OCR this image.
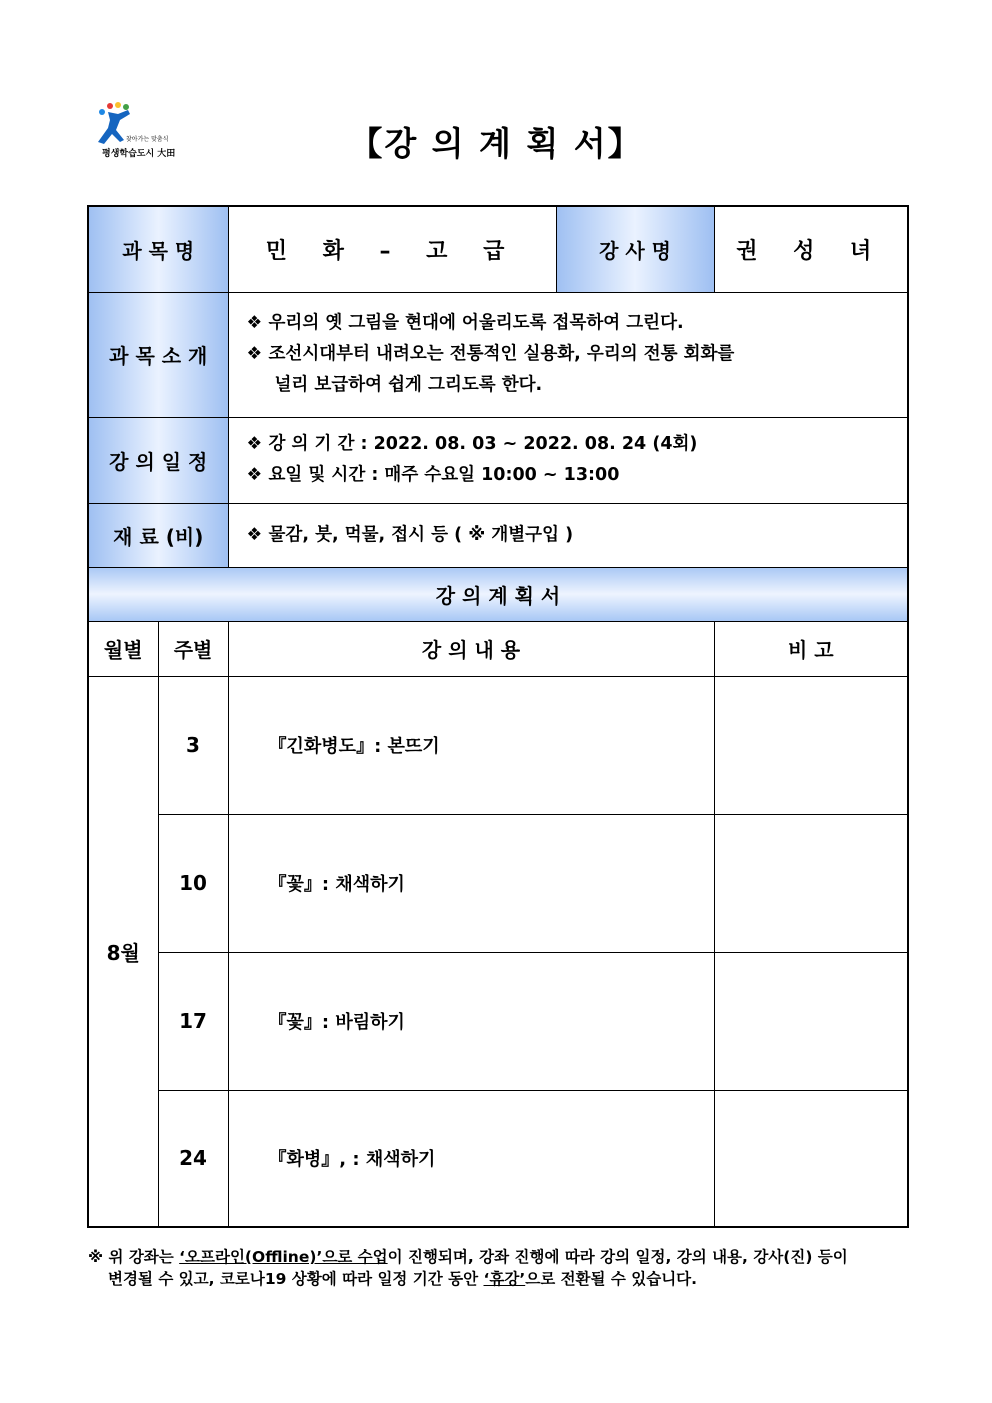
찾아가는 맞춤식
평생학습도시 大田	【강 의 계 획 서】
과 목 명		민 화 – 고 급	강 사 명	권 성 녀
과 목 소 개		❖ 우리의 옛 그림을 현대에 어울리도록 접목하여 그린다.
❖ 조선시대부터 내려오는 전통적인 실용화, 우리의 전통 회화를
널리 보급하여 쉽게 그리도록 한다.		

강 의 일 정		❖ 강 의 기 간 : 2022. 08. 03 ~ 2022. 08. 24 (4회)
❖ 요일 및 시간 : 매주 수요일 10:00 ~ 13:00		

재 료 (비)		❖ 물감, 붓, 먹물, 접시 등 ( ※ 개별구입 )		

강 의 계 획 서				
월별	주별	강 의 내 용		비 고
8월	3	『긴화병도』: 본뜨기		
	10	『꽃』: 채색하기		
	17	『꽃』: 바림하기		
	24	『화병』, : 채색하기		
※ 위 강좌는 ‘오프라인(Offline)’으로 수업이 진행되며, 강좌 진행에 따라 강의 일정, 강의 내용, 강사(진) 등이
변경될 수 있고, 코로나19 상황에 따라 일정 기간 동안 ‘휴강’으로 전환될 수 있습니다.
